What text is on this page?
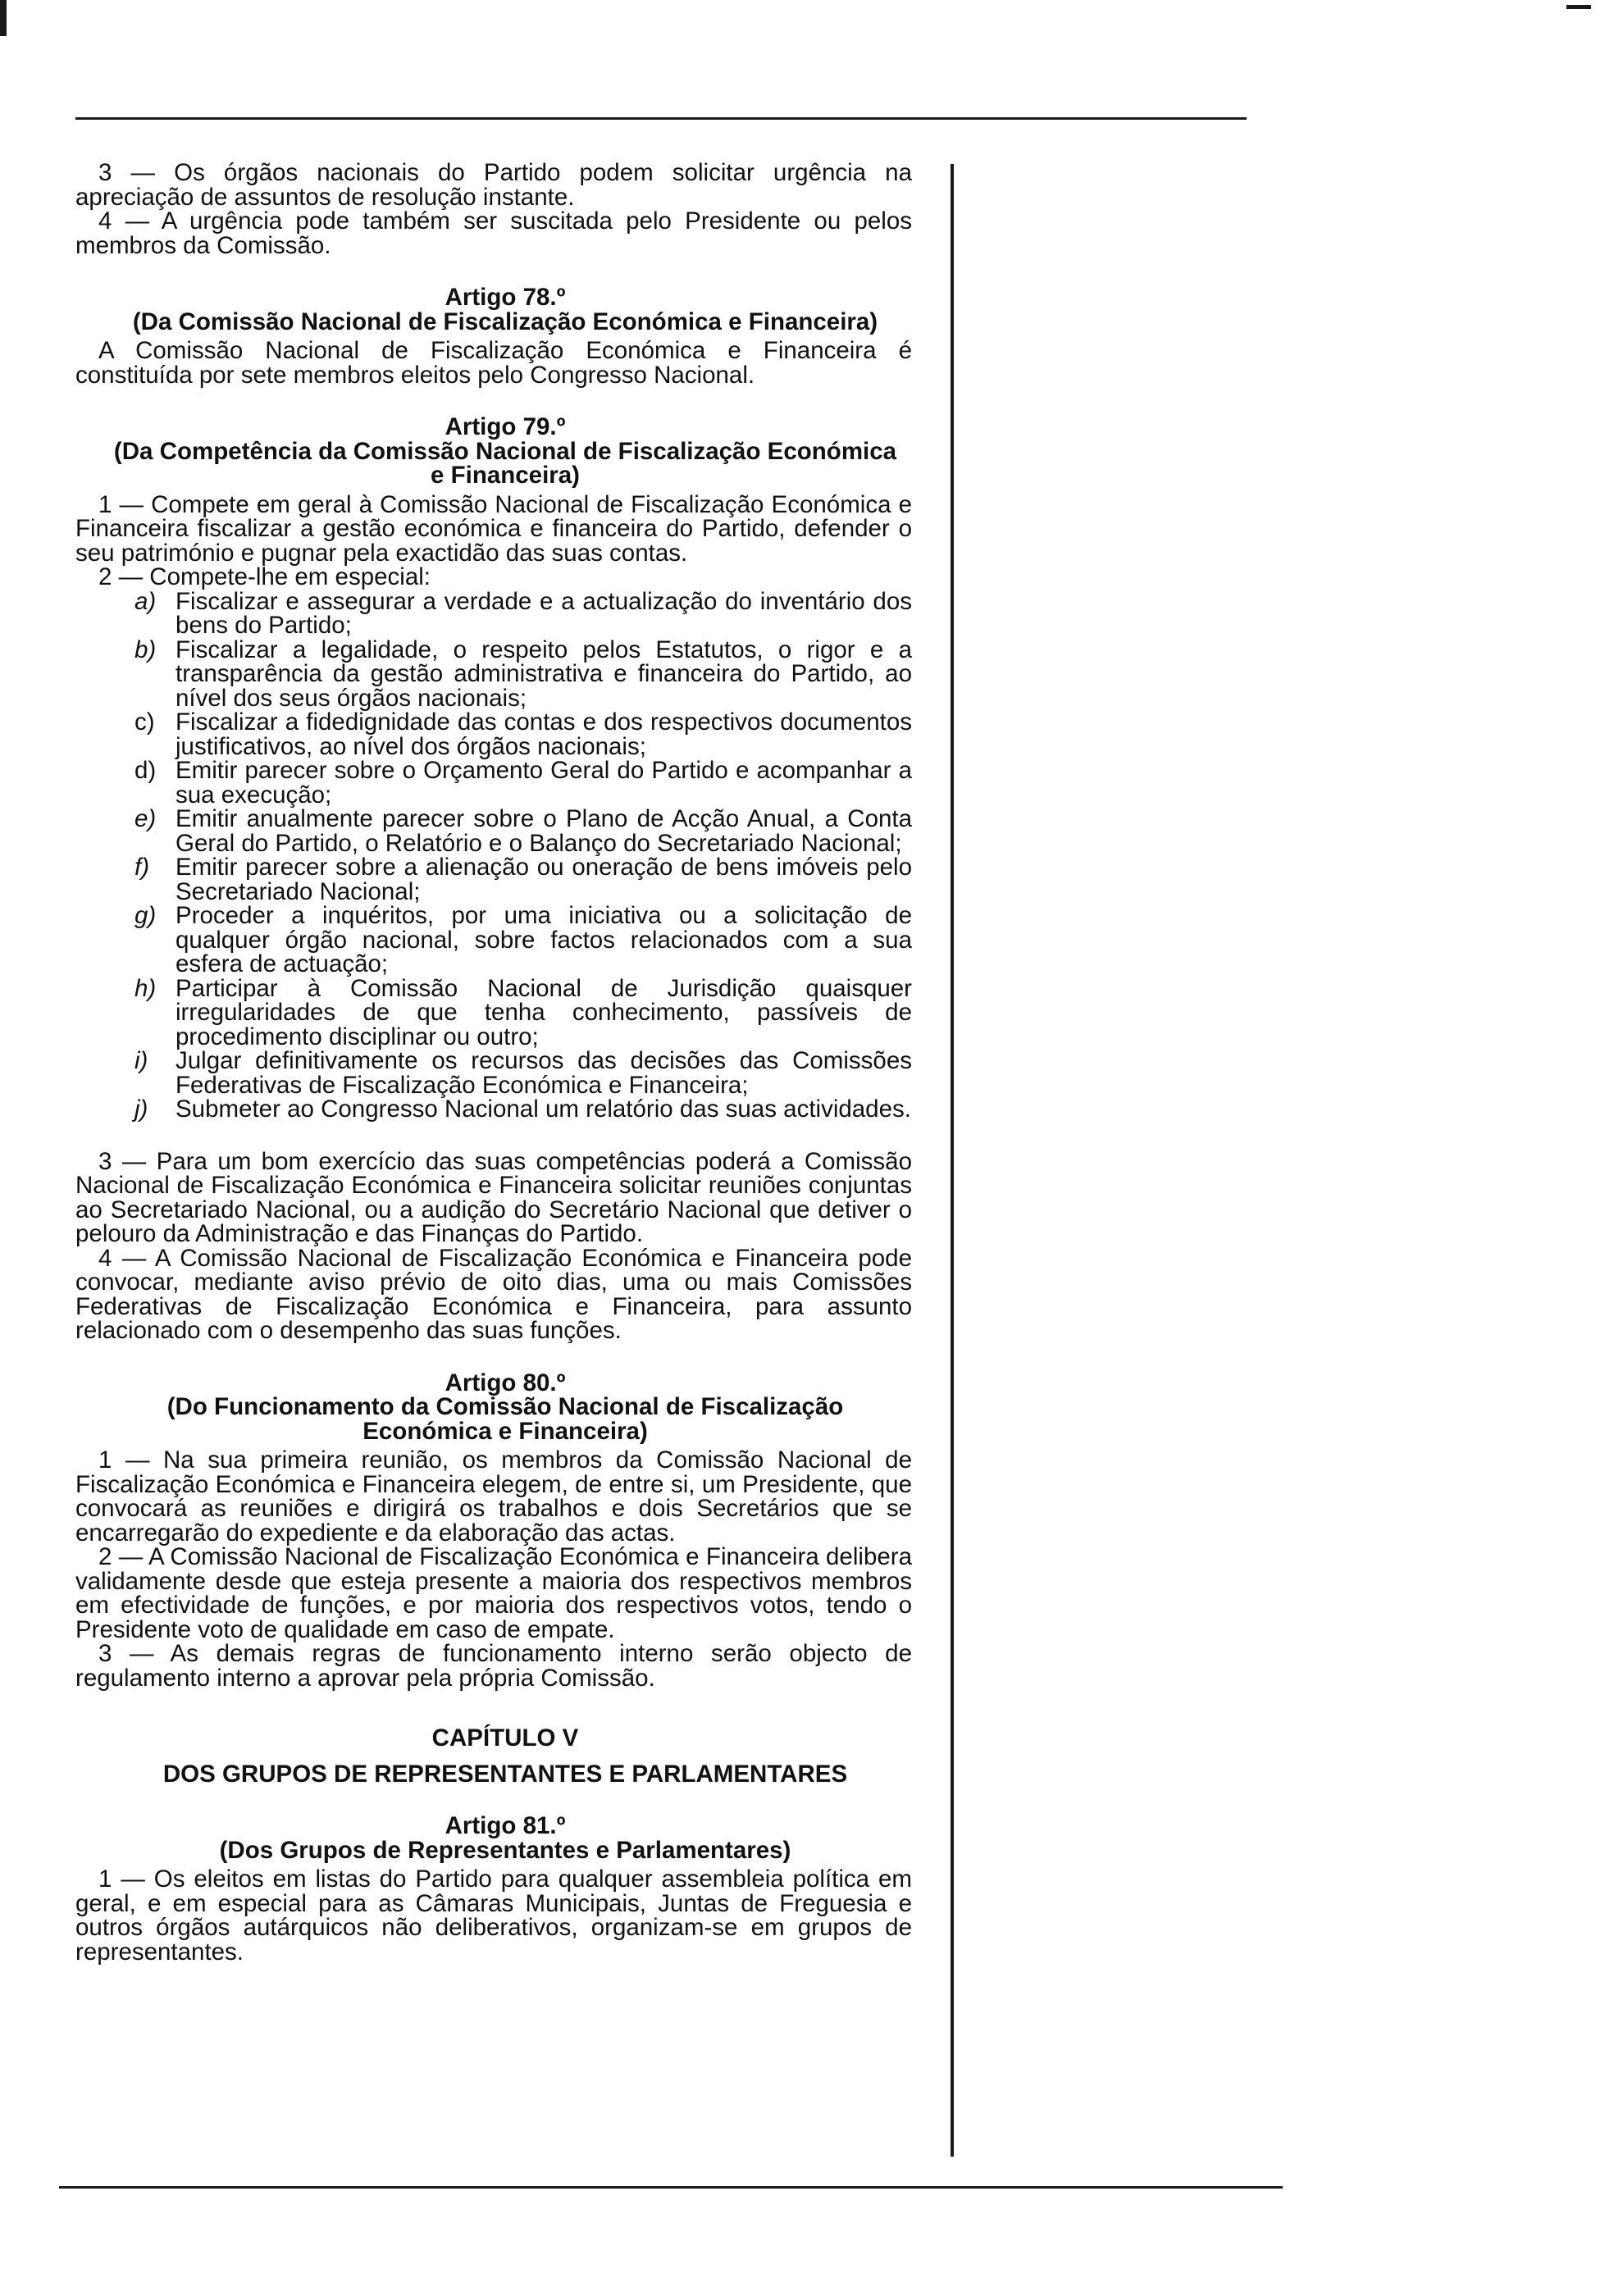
3 — Os órgãos nacionais do Partido podem solicitar urgência na apreciação de assuntos de resolução instante.

4 — A urgência pode também ser suscitada pelo Presidente ou pelos membros da Comissão.

Artigo 78.º

(Da Comissão Nacional de Fiscalização Económica e Financeira)

A Comissão Nacional de Fiscalização Económica e Financeira é constituída por sete membros eleitos pelo Congresso Nacional.

Artigo 79.º

(Da Competência da Comissão Nacional de Fiscalização Económica

e Financeira)

1 — Compete em geral à Comissão Nacional de Fiscalização Económica e Financeira fiscalizar a gestão económica e financeira do Partido, defender o seu património e pugnar pela exactidão das suas contas.

2 — Compete-lhe em especial:

a) Fiscalizar e assegurar a verdade e a actualização do inventário dos bens do Partido;
b) Fiscalizar a legalidade, o respeito pelos Estatutos, o rigor e a transparência da gestão administrativa e financeira do Partido, ao nível dos seus órgãos nacionais;
c) Fiscalizar a fidedignidade das contas e dos respectivos documentos justificativos, ao nível dos órgãos nacionais;
d) Emitir parecer sobre o Orçamento Geral do Partido e acompanhar a sua execução;
e) Emitir anualmente parecer sobre o Plano de Acção Anual, a Conta Geral do Partido, o Relatório e o Balanço do Secretariado Nacional;
f)	Emitir parecer sobre a alienação ou oneração de bens imóveis pelo Secretariado Nacional;
g) Proceder a inquéritos, por uma iniciativa ou a solicitação de qualquer órgão nacional, sobre factos relacionados com a sua esfera de actuação;
h) Participar à Comissão Nacional de Jurisdição quaisquer irregularidades de que tenha conhecimento, passíveis de procedimento disciplinar ou outro;
i)	Julgar definitivamente os recursos das decisões das Comissões Federativas de Fiscalização Económica e Financeira;
j)	Submeter ao Congresso Nacional um relatório das suas actividades.

3 — Para um bom exercício das suas competências poderá a Comissão Nacional de Fiscalização Económica e Financeira solicitar reuniões conjuntas ao Secretariado Nacional, ou a audição do Secretário Nacional que detiver o pelouro da Administração e das Finanças do Partido.

4 — A Comissão Nacional de Fiscalização Económica e Financeira pode convocar, mediante aviso prévio de oito dias, uma ou mais Comissões Federativas de Fiscalização Económica e Financeira, para assunto relacionado com o desempenho das suas funções.

Artigo 80.º

(Do Funcionamento da Comissão Nacional de Fiscalização

Económica e Financeira)

1 — Na sua primeira reunião, os membros da Comissão Nacional de Fiscalização Económica e Financeira elegem, de entre si, um Presidente, que convocará as reuniões e dirigirá os trabalhos e dois Secretários que se encarregarão do expediente e da elaboração das actas.

2 — A Comissão Nacional de Fiscalização Económica e Financeira delibera validamente desde que esteja presente a maioria dos respectivos membros em efectividade de funções, e por maioria dos respectivos votos, tendo o Presidente voto de qualidade em caso de empate.

3 — As demais regras de funcionamento interno serão objecto de regulamento interno a aprovar pela própria Comissão.

CAPÍTULO V

DOS GRUPOS DE REPRESENTANTES E PARLAMENTARES

Artigo 81.º

(Dos Grupos de Representantes e Parlamentares)

1 — Os eleitos em listas do Partido para qualquer assembleia política em geral, e em especial para as Câmaras Municipais, Juntas de Freguesia e outros órgãos autárquicos não deliberativos, organizam-se em grupos de representantes.
